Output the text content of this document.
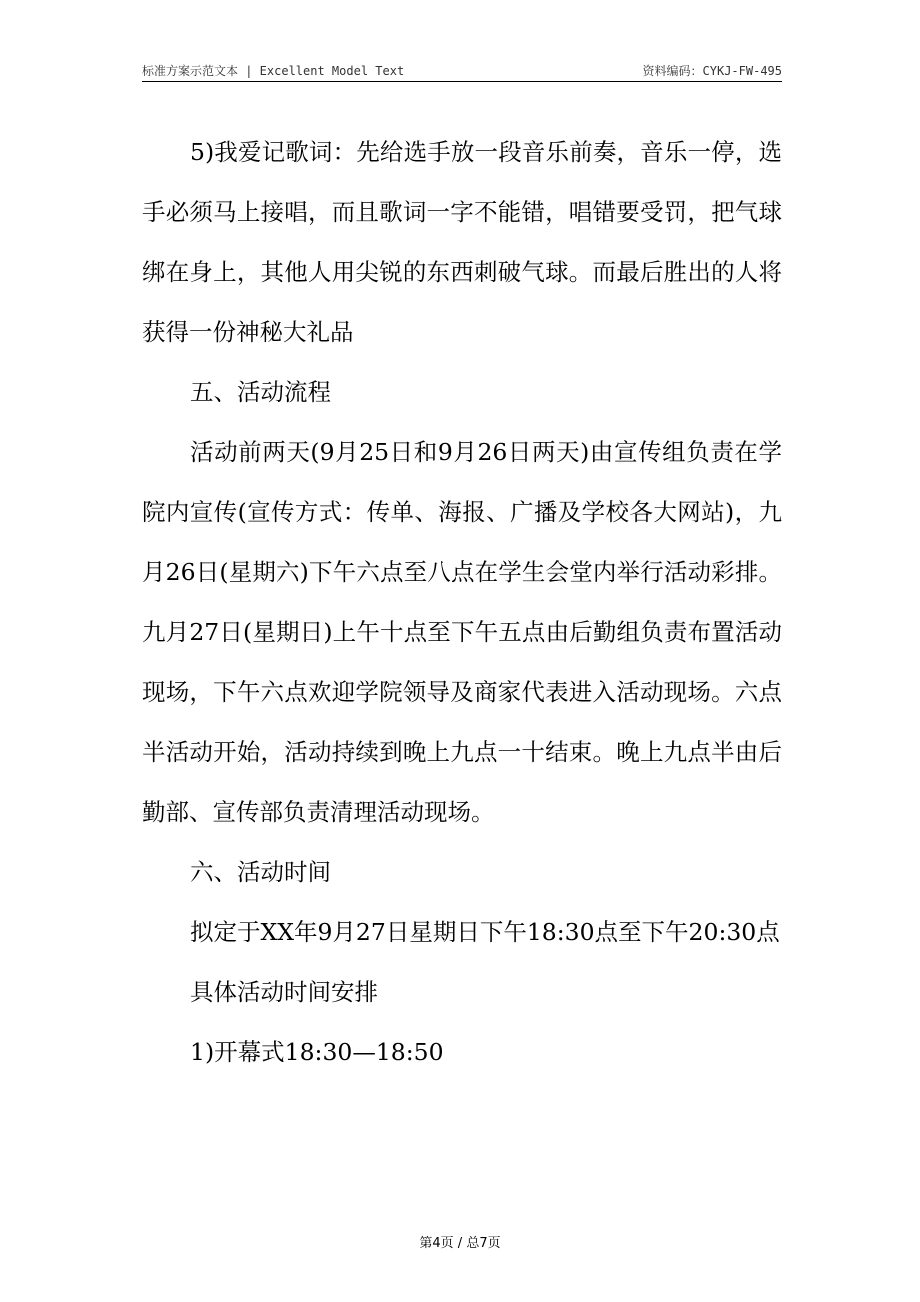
标准方案示范文本 | Excellent Model Text	资料编码：CYKJ-FW-495

5)我爱记歌词：先给选手放一段音乐前奏，音乐一停，选手必须马上接唱，而且歌词一字不能错，唱错要受罚，把气球绑在身上，其他人用尖锐的东西刺破气球。而最后胜出的人将获得一份神秘大礼品

五、活动流程

活动前两天(9月25日和9月26日两天)由宣传组负责在学院内宣传(宣传方式：传单、海报、广播及学校各大网站)，九月26日(星期六)下午六点至八点在学生会堂内举行活动彩排。九月27日(星期日)上午十点至下午五点由后勤组负责布置活动现场，下午六点欢迎学院领导及商家代表进入活动现场。六点半活动开始，活动持续到晚上九点一十结束。晚上九点半由后勤部、宣传部负责清理活动现场。

六、活动时间

拟定于XX年9月27日星期日下午18:30点至下午20:30点

具体活动时间安排

1)开幕式18:30—18:50

第4页 / 总7页
